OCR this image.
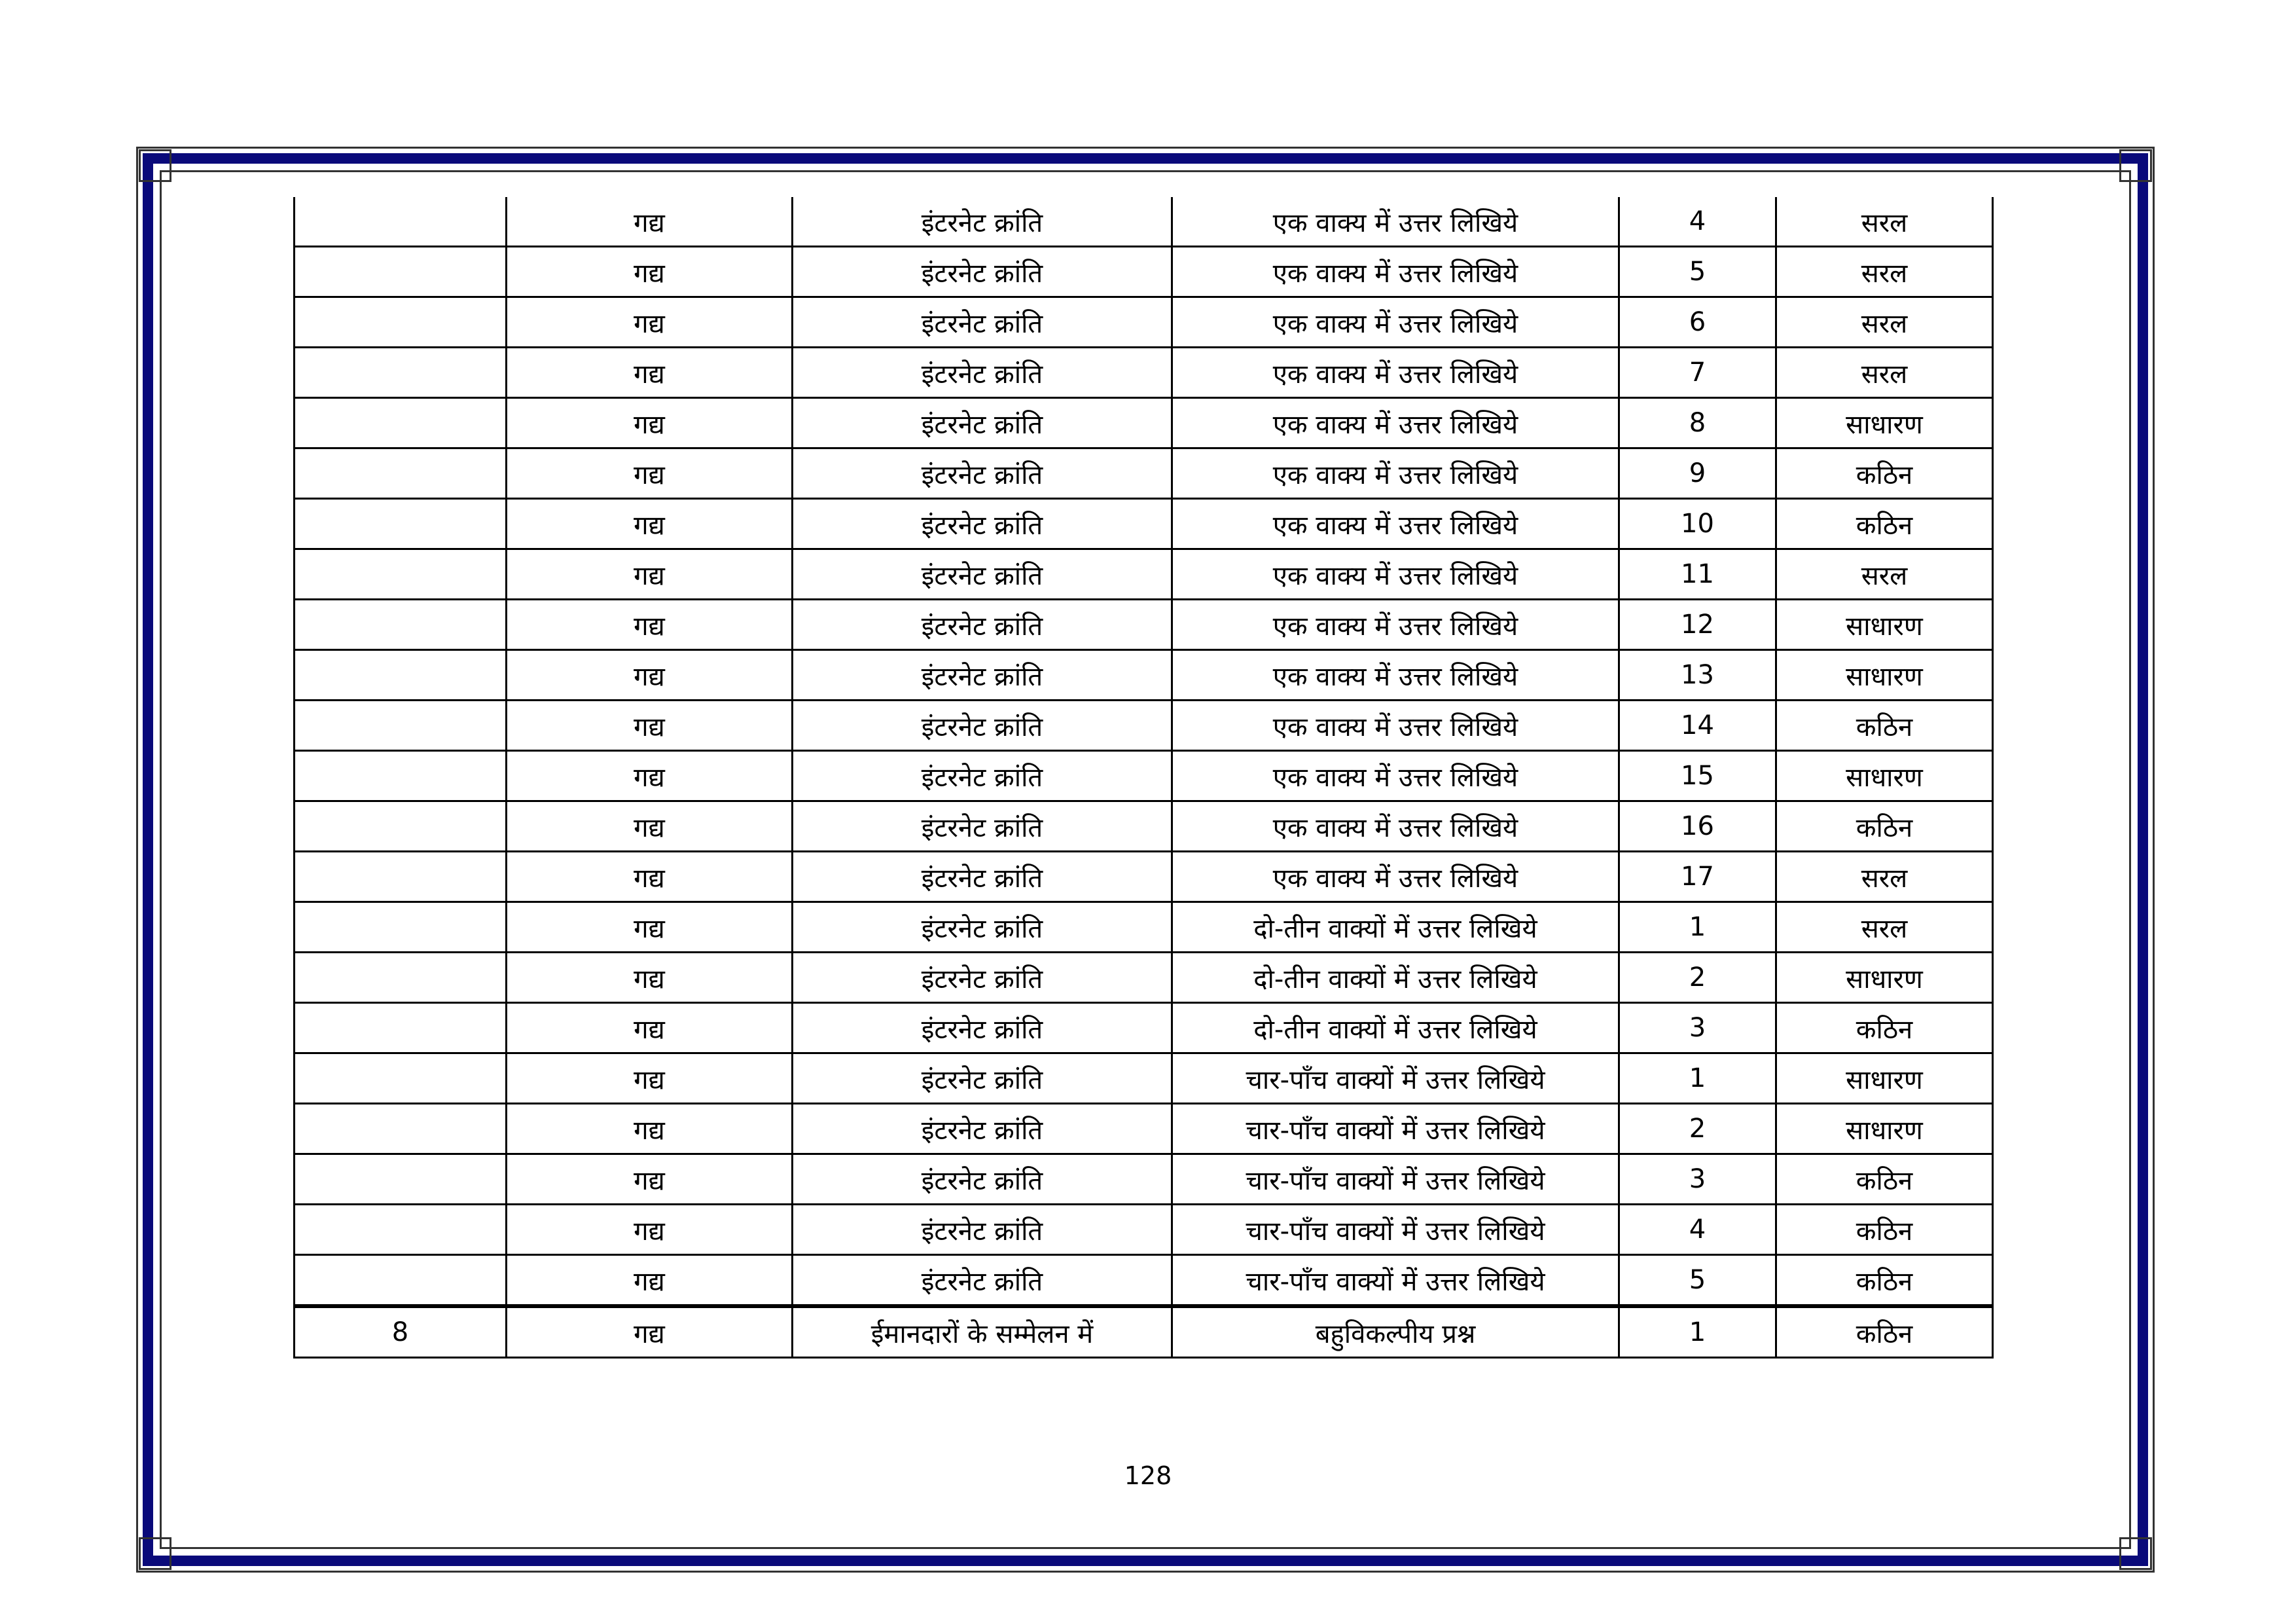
	गद्य	इंटरनेट क्रांति	एक वाक्य में उत्तर लिखिये	4	सरल
	गद्य	इंटरनेट क्रांति	एक वाक्य में उत्तर लिखिये	5	सरल
	गद्य	इंटरनेट क्रांति	एक वाक्य में उत्तर लिखिये	6	सरल
	गद्य	इंटरनेट क्रांति	एक वाक्य में उत्तर लिखिये	7	सरल
	गद्य	इंटरनेट क्रांति	एक वाक्य में उत्तर लिखिये	8	साधारण
	गद्य	इंटरनेट क्रांति	एक वाक्य में उत्तर लिखिये	9	कठिन
	गद्य	इंटरनेट क्रांति	एक वाक्य में उत्तर लिखिये	10	कठिन
	गद्य	इंटरनेट क्रांति	एक वाक्य में उत्तर लिखिये	11	सरल
	गद्य	इंटरनेट क्रांति	एक वाक्य में उत्तर लिखिये	12	साधारण
	गद्य	इंटरनेट क्रांति	एक वाक्य में उत्तर लिखिये	13	साधारण
	गद्य	इंटरनेट क्रांति	एक वाक्य में उत्तर लिखिये	14	कठिन
	गद्य	इंटरनेट क्रांति	एक वाक्य में उत्तर लिखिये	15	साधारण
	गद्य	इंटरनेट क्रांति	एक वाक्य में उत्तर लिखिये	16	कठिन
	गद्य	इंटरनेट क्रांति	एक वाक्य में उत्तर लिखिये	17	सरल
	गद्य	इंटरनेट क्रांति	दो-तीन वाक्यों में उत्तर लिखिये	1	सरल
	गद्य	इंटरनेट क्रांति	दो-तीन वाक्यों में उत्तर लिखिये	2	साधारण
	गद्य	इंटरनेट क्रांति	दो-तीन वाक्यों में उत्तर लिखिये	3	कठिन
	गद्य	इंटरनेट क्रांति	चार-पाँच वाक्यों में उत्तर लिखिये	1	साधारण
	गद्य	इंटरनेट क्रांति	चार-पाँच वाक्यों में उत्तर लिखिये	2	साधारण
	गद्य	इंटरनेट क्रांति	चार-पाँच वाक्यों में उत्तर लिखिये	3	कठिन
	गद्य	इंटरनेट क्रांति	चार-पाँच वाक्यों में उत्तर लिखिये	4	कठिन
	गद्य	इंटरनेट क्रांति	चार-पाँच वाक्यों में उत्तर लिखिये	5	कठिन
8	गद्य	ईमानदारों के सम्मेलन में	बहुविकल्पीय प्रश्न	1	कठिन
128
